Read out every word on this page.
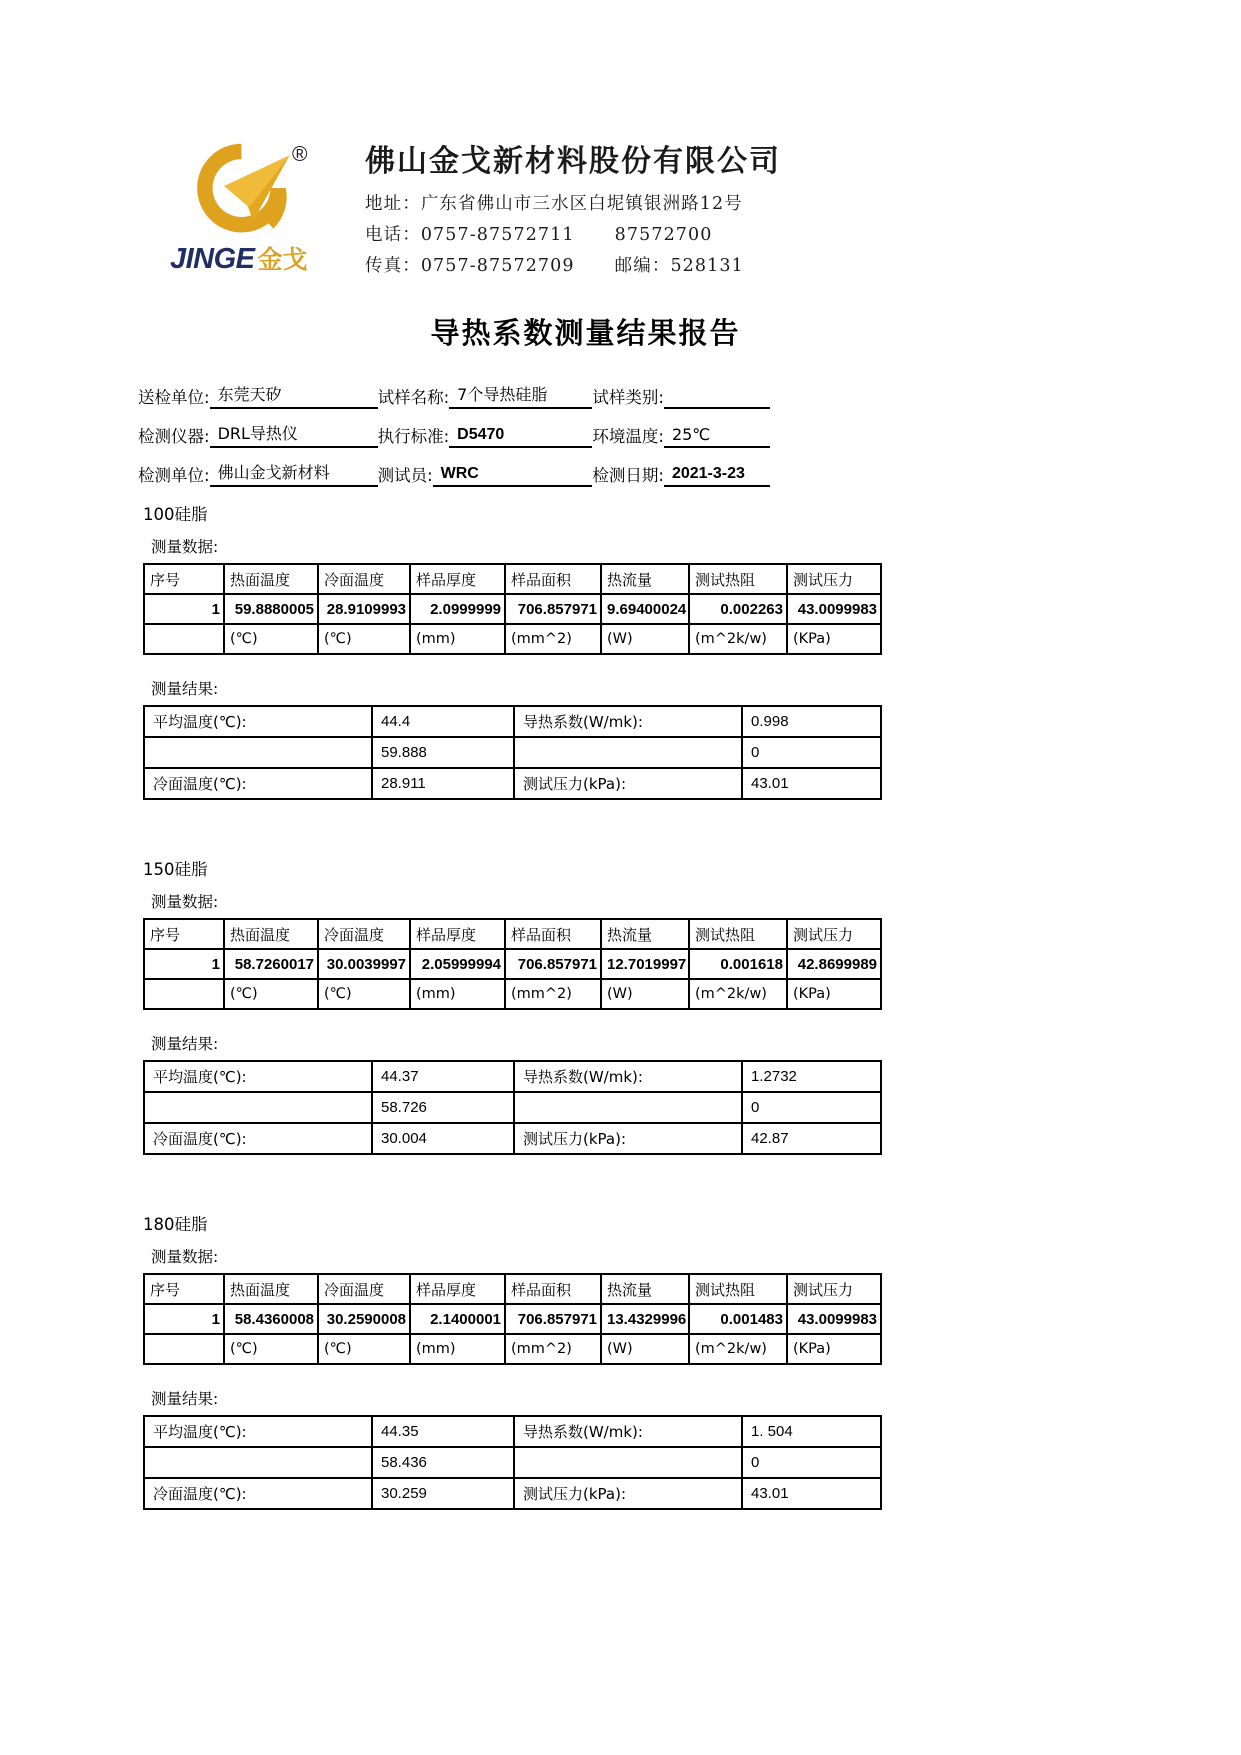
®
JINGE 金戈
佛山金戈新材料股份有限公司
地址：广东省佛山市三水区白坭镇银洲路12号
电话：0757-87572711 87572700
传真：0757-87572709 邮编：528131
导热系数测量结果报告
送检单位: 东莞天矽	试样名称: 7个导热硅脂	试样类别:
检测仪器: DRL导热仪	执行标准: D5470	环境温度: 25℃
检测单位: 佛山金戈新材料	测试员: WRC	检测日期: 2021-3-23
100硅脂
测量数据:
序号	热面温度	冷面温度	样品厚度	样品面积	热流量	测试热阻	测试压力
1	59.8880005	28.9109993	2.0999999	706.857971	9.69400024	0.002263	43.0099983
	(℃)	(℃)	(mm)	(mm^2)	(W)	(m^2k/w)	(KPa)
测量结果:
平均温度(℃):	44.4	导热系数(W/mk):	0.998
	59.888		0
冷面温度(℃):	28.911	测试压力(kPa):	43.01
150硅脂
测量数据:
序号	热面温度	冷面温度	样品厚度	样品面积	热流量	测试热阻	测试压力
1	58.7260017	30.0039997	2.05999994	706.857971	12.7019997	0.001618	42.8699989
	(℃)	(℃)	(mm)	(mm^2)	(W)	(m^2k/w)	(KPa)
测量结果:
平均温度(℃):	44.37	导热系数(W/mk):	1.2732
	58.726		0
冷面温度(℃):	30.004	测试压力(kPa):	42.87
180硅脂
测量数据:
序号	热面温度	冷面温度	样品厚度	样品面积	热流量	测试热阻	测试压力
1	58.4360008	30.2590008	2.1400001	706.857971	13.4329996	0.001483	43.0099983
	(℃)	(℃)	(mm)	(mm^2)	(W)	(m^2k/w)	(KPa)
测量结果:
平均温度(℃):	44.35	导热系数(W/mk):	1. 504
	58.436		0
冷面温度(℃):	30.259	测试压力(kPa):	43.01
